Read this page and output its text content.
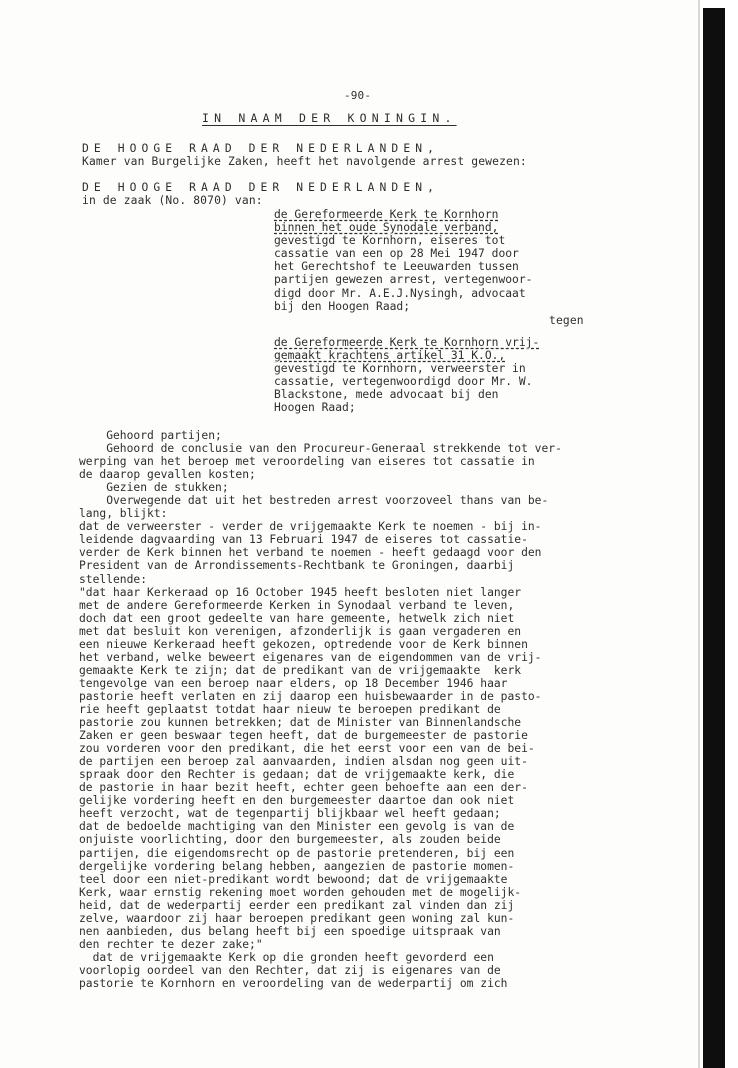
-90-
IN NAAM DER KONINGIN.
DE HOOGE RAAD DER NEDERLANDEN,
Kamer van Burgelijke Zaken, heeft het navolgende arrest gewezen:
DE HOOGE RAAD DER NEDERLANDEN,
in de zaak (No. 8070) van:
de Gereformeerde Kerk te Kornhorn
binnen het oude Synodale verband,
gevestigd te Kornhorn, eiseres tot
cassatie van een op 28 Mei 1947 door
het Gerechtshof te Leeuwarden tussen
partijen gewezen arrest, vertegenwoor-
digd door Mr. A.E.J.Nysingh, advocaat
bij den Hoogen Raad;
tegen
de Gereformeerde Kerk te Kornhorn vrij-
gemaakt krachtens artikel 31 K.O.,
gevestigd te Kornhorn, verweerster in
cassatie, vertegenwoordigd door Mr. W.
Blackstone, mede advocaat bij den
Hoogen Raad;
Gehoord partijen;
Gehoord de conclusie van den Procureur-Generaal strekkende tot ver-
werping van het beroep met veroordeling van eiseres tot cassatie in
de daarop gevallen kosten;
Gezien de stukken;
Overwegende dat uit het bestreden arrest voorzoveel thans van be-
lang, blijkt:
dat de verweerster - verder de vrijgemaakte Kerk te noemen - bij in-
leidende dagvaarding van 13 Februari 1947 de eiseres tot cassatie-
verder de Kerk binnen het verband te noemen - heeft gedaagd voor den
President van de Arrondissements-Rechtbank te Groningen, daarbij
stellende:
"dat haar Kerkeraad op 16 October 1945 heeft besloten niet langer
met de andere Gereformeerde Kerken in Synodaal verband te leven,
doch dat een groot gedeelte van hare gemeente, hetwelk zich niet
met dat besluit kon verenigen, afzonderlijk is gaan vergaderen en
een nieuwe Kerkeraad heeft gekozen, optredende voor de Kerk binnen
het verband, welke beweert eigenares van de eigendommen van de vrij-
gemaakte Kerk te zijn; dat de predikant van de vrijgemaakte  kerk
tengevolge van een beroep naar elders, op 18 December 1946 haar
pastorie heeft verlaten en zij daarop een huisbewaarder in de pasto-
rie heeft geplaatst totdat haar nieuw te beroepen predikant de
pastorie zou kunnen betrekken; dat de Minister van Binnenlandsche
Zaken er geen beswaar tegen heeft, dat de burgemeester de pastorie
zou vorderen voor den predikant, die het eerst voor een van de bei-
de partijen een beroep zal aanvaarden, indien alsdan nog geen uit-
spraak door den Rechter is gedaan; dat de vrijgemaakte kerk, die
de pastorie in haar bezit heeft, echter geen behoefte aan een der-
gelijke vordering heeft en den burgemeester daartoe dan ook niet
heeft verzocht, wat de tegenpartij blijkbaar wel heeft gedaan;
dat de bedoelde machtiging van den Minister een gevolg is van de
onjuiste voorlichting, door den burgemeester, als zouden beide
partijen, die eigendomsrecht op de pastorie pretenderen, bij een
dergelijke vordering belang hebben, aangezien de pastorie momen-
teel door een niet-predikant wordt bewoond; dat de vrijgemaakte
Kerk, waar ernstig rekening moet worden gehouden met de mogelijk-
heid, dat de wederpartij eerder een predikant zal vinden dan zij
zelve, waardoor zij haar beroepen predikant geen woning zal kun-
nen aanbieden, dus belang heeft bij een spoedige uitspraak van
den rechter te dezer zake;"
dat de vrijgemaakte Kerk op die gronden heeft gevorderd een
voorlopig oordeel van den Rechter, dat zij is eigenares van de
pastorie te Kornhorn en veroordeling van de wederpartij om zich
